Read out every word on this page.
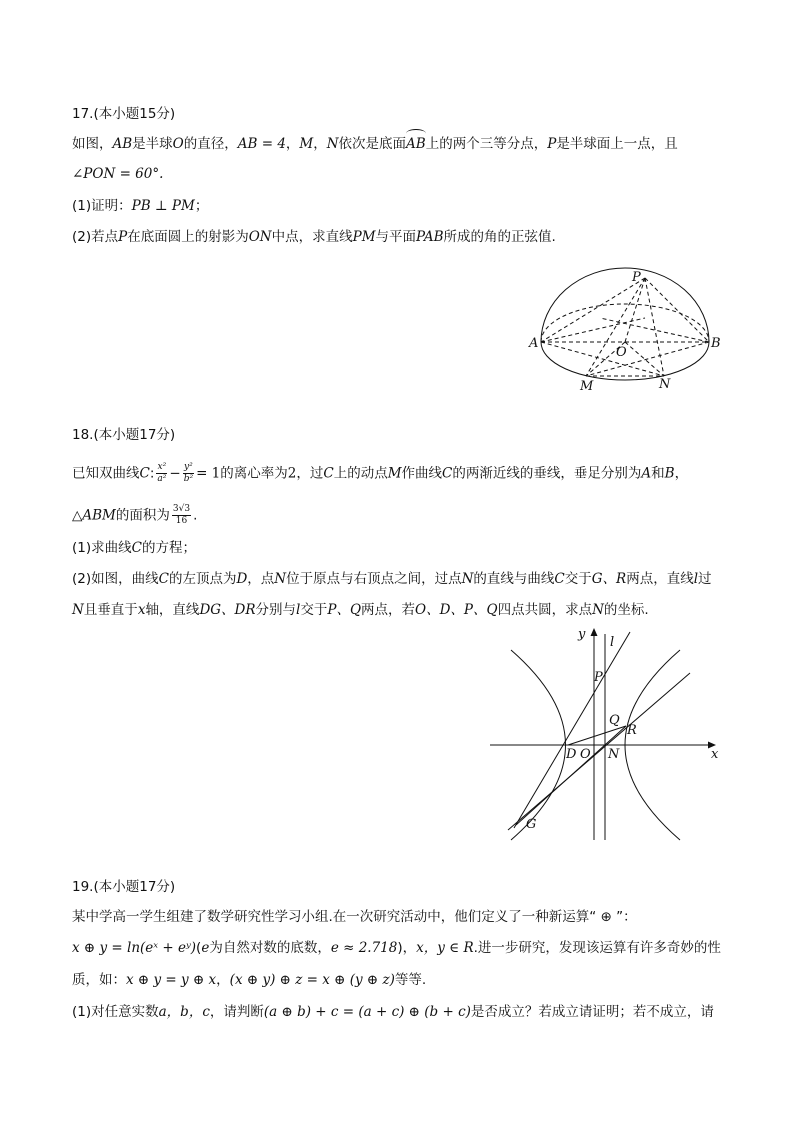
17.(本小题15分)
如图，AB是半球O的直径，AB = 4，M，N依次是底面AB上的两个三等分点，P是半球面上一点，且
∠PON = 60°.
(1)证明：PB ⊥ PM；
(2)若点P在底面圆上的射影为ON中点，求直线PM与平面PAB所成的角的正弦值.
P
A	B
O
M	N
18.(本小题17分)
已知双曲线C: $\frac{\text{x²}}{\text{a²}} - \frac{\text{y²}}{\text{b²}} = 1$的离心率为2，过C上的动点M作曲线C的两渐近线的垂线，垂足分别为A和B，
△ABM的面积为 $\frac{3√3}{16}$ .
(1)求曲线C的方程；
(2)如图，曲线C的左顶点为D，点N位于原点与右顶点之间，过点N的直线与曲线C交于G、R两点，直线l过
N且垂直于x轴，直线DG、DR分别与l交于P、Q两点，若O、D、P、Q四点共圆，求点N的坐标.
y
l
P
Q
R
D O N	x
G
19.(本小题17分)
某中学高一学生组建了数学研究性学习小组.在一次研究活动中，他们定义了一种新运算“ ⊕ ”：
x ⊕ y = ln(eˣ + eʸ)(e为自然对数的底数，e ≈ 2.718)，x，y ∈ R.进一步研究，发现该运算有许多奇妙的性
质，如：x ⊕ y = y ⊕ x，(x ⊕ y) ⊕ z = x ⊕ (y ⊕ z)等等.
(1)对任意实数a，b，c，请判断(a ⊕ b) + c = (a + c) ⊕ (b + c)是否成立？若成立请证明；若不成立，请
